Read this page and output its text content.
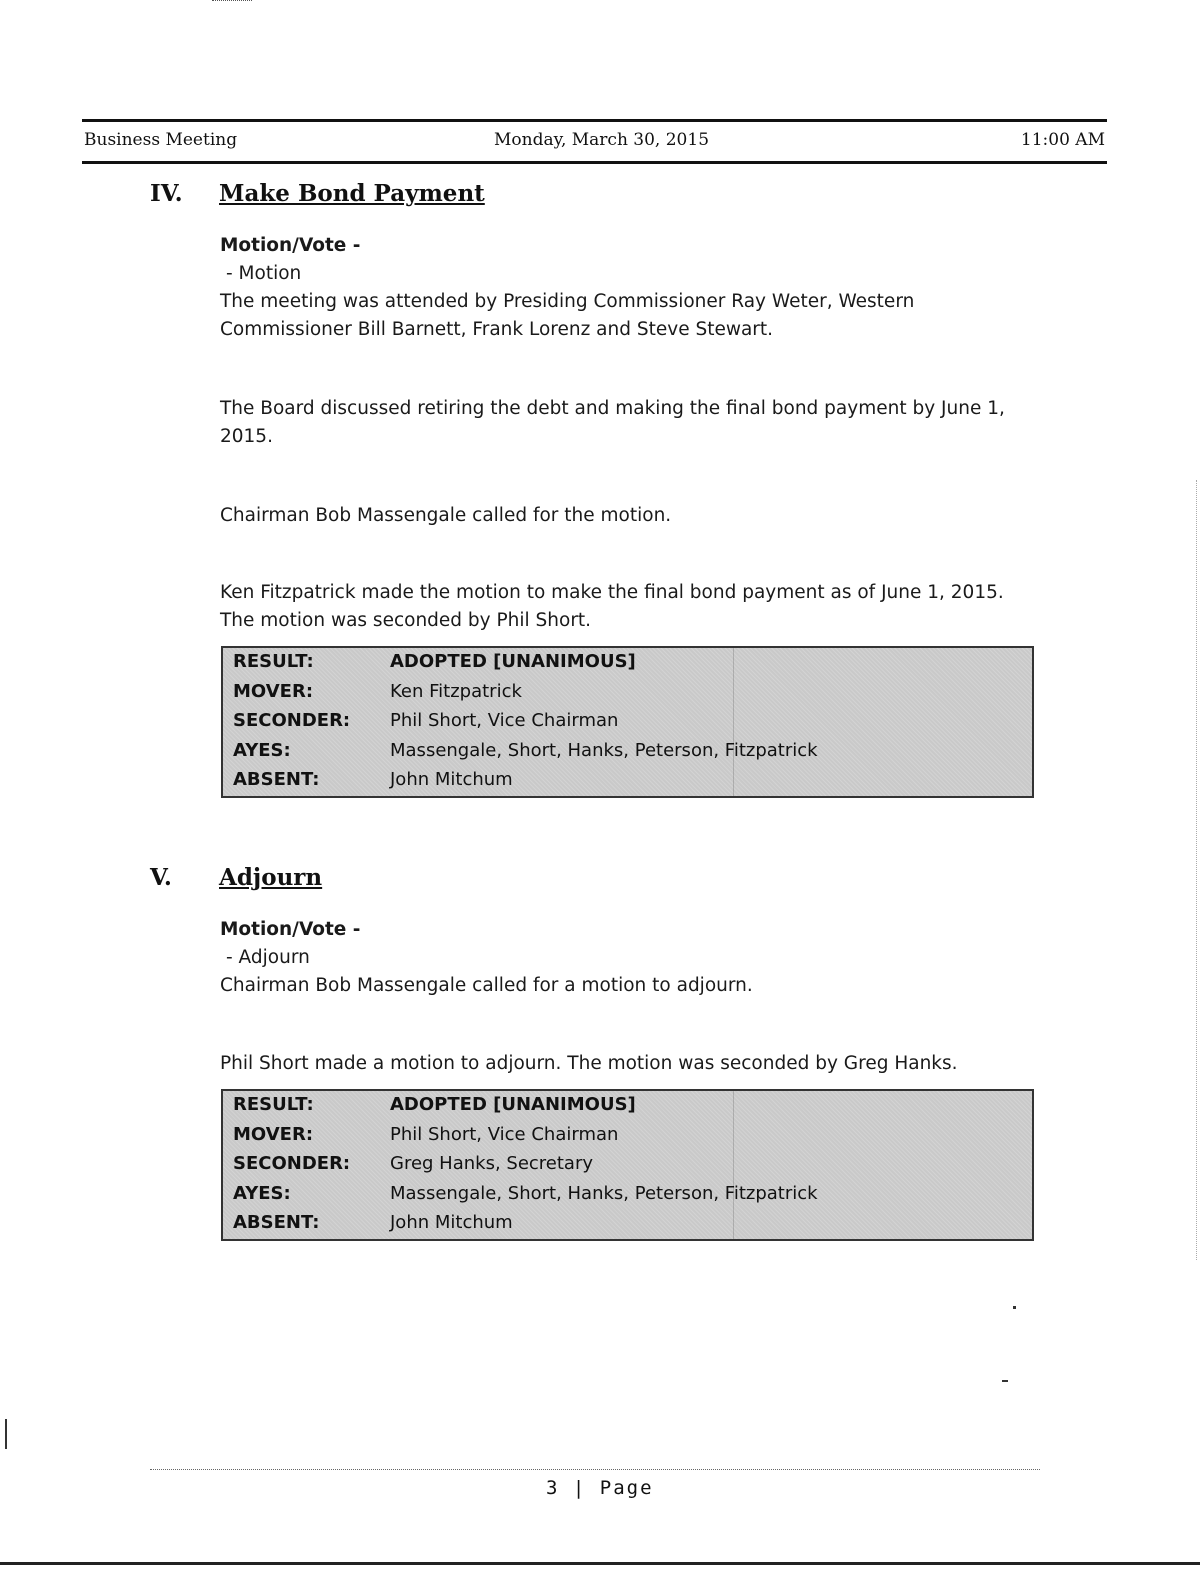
Business Meeting	Monday, March 30, 2015	11:00 AM
IV. Make Bond Payment
Motion/Vote -
- Motion
The meeting was attended by Presiding Commissioner Ray Weter, Western
Commissioner Bill Barnett, Frank Lorenz and Steve Stewart.
The Board discussed retiring the debt and making the final bond payment by June 1,
2015.
Chairman Bob Massengale called for the motion.
Ken Fitzpatrick made the motion to make the final bond payment as of June 1, 2015.
The motion was seconded by Phil Short.
RESULT:	ADOPTED [UNANIMOUS]
MOVER:	Ken Fitzpatrick
SECONDER: Phil Short, Vice Chairman
AYES:	Massengale, Short, Hanks, Peterson, Fitzpatrick
ABSENT:	John Mitchum
V. Adjourn
Motion/Vote -
- Adjourn
Chairman Bob Massengale called for a motion to adjourn.
Phil Short made a motion to adjourn. The motion was seconded by Greg Hanks.
RESULT:	ADOPTED [UNANIMOUS]
MOVER:	Phil Short, Vice Chairman
SECONDER: Greg Hanks, Secretary
AYES:	Massengale, Short, Hanks, Peterson, Fitzpatrick
ABSENT:	John Mitchum
3 | Page
